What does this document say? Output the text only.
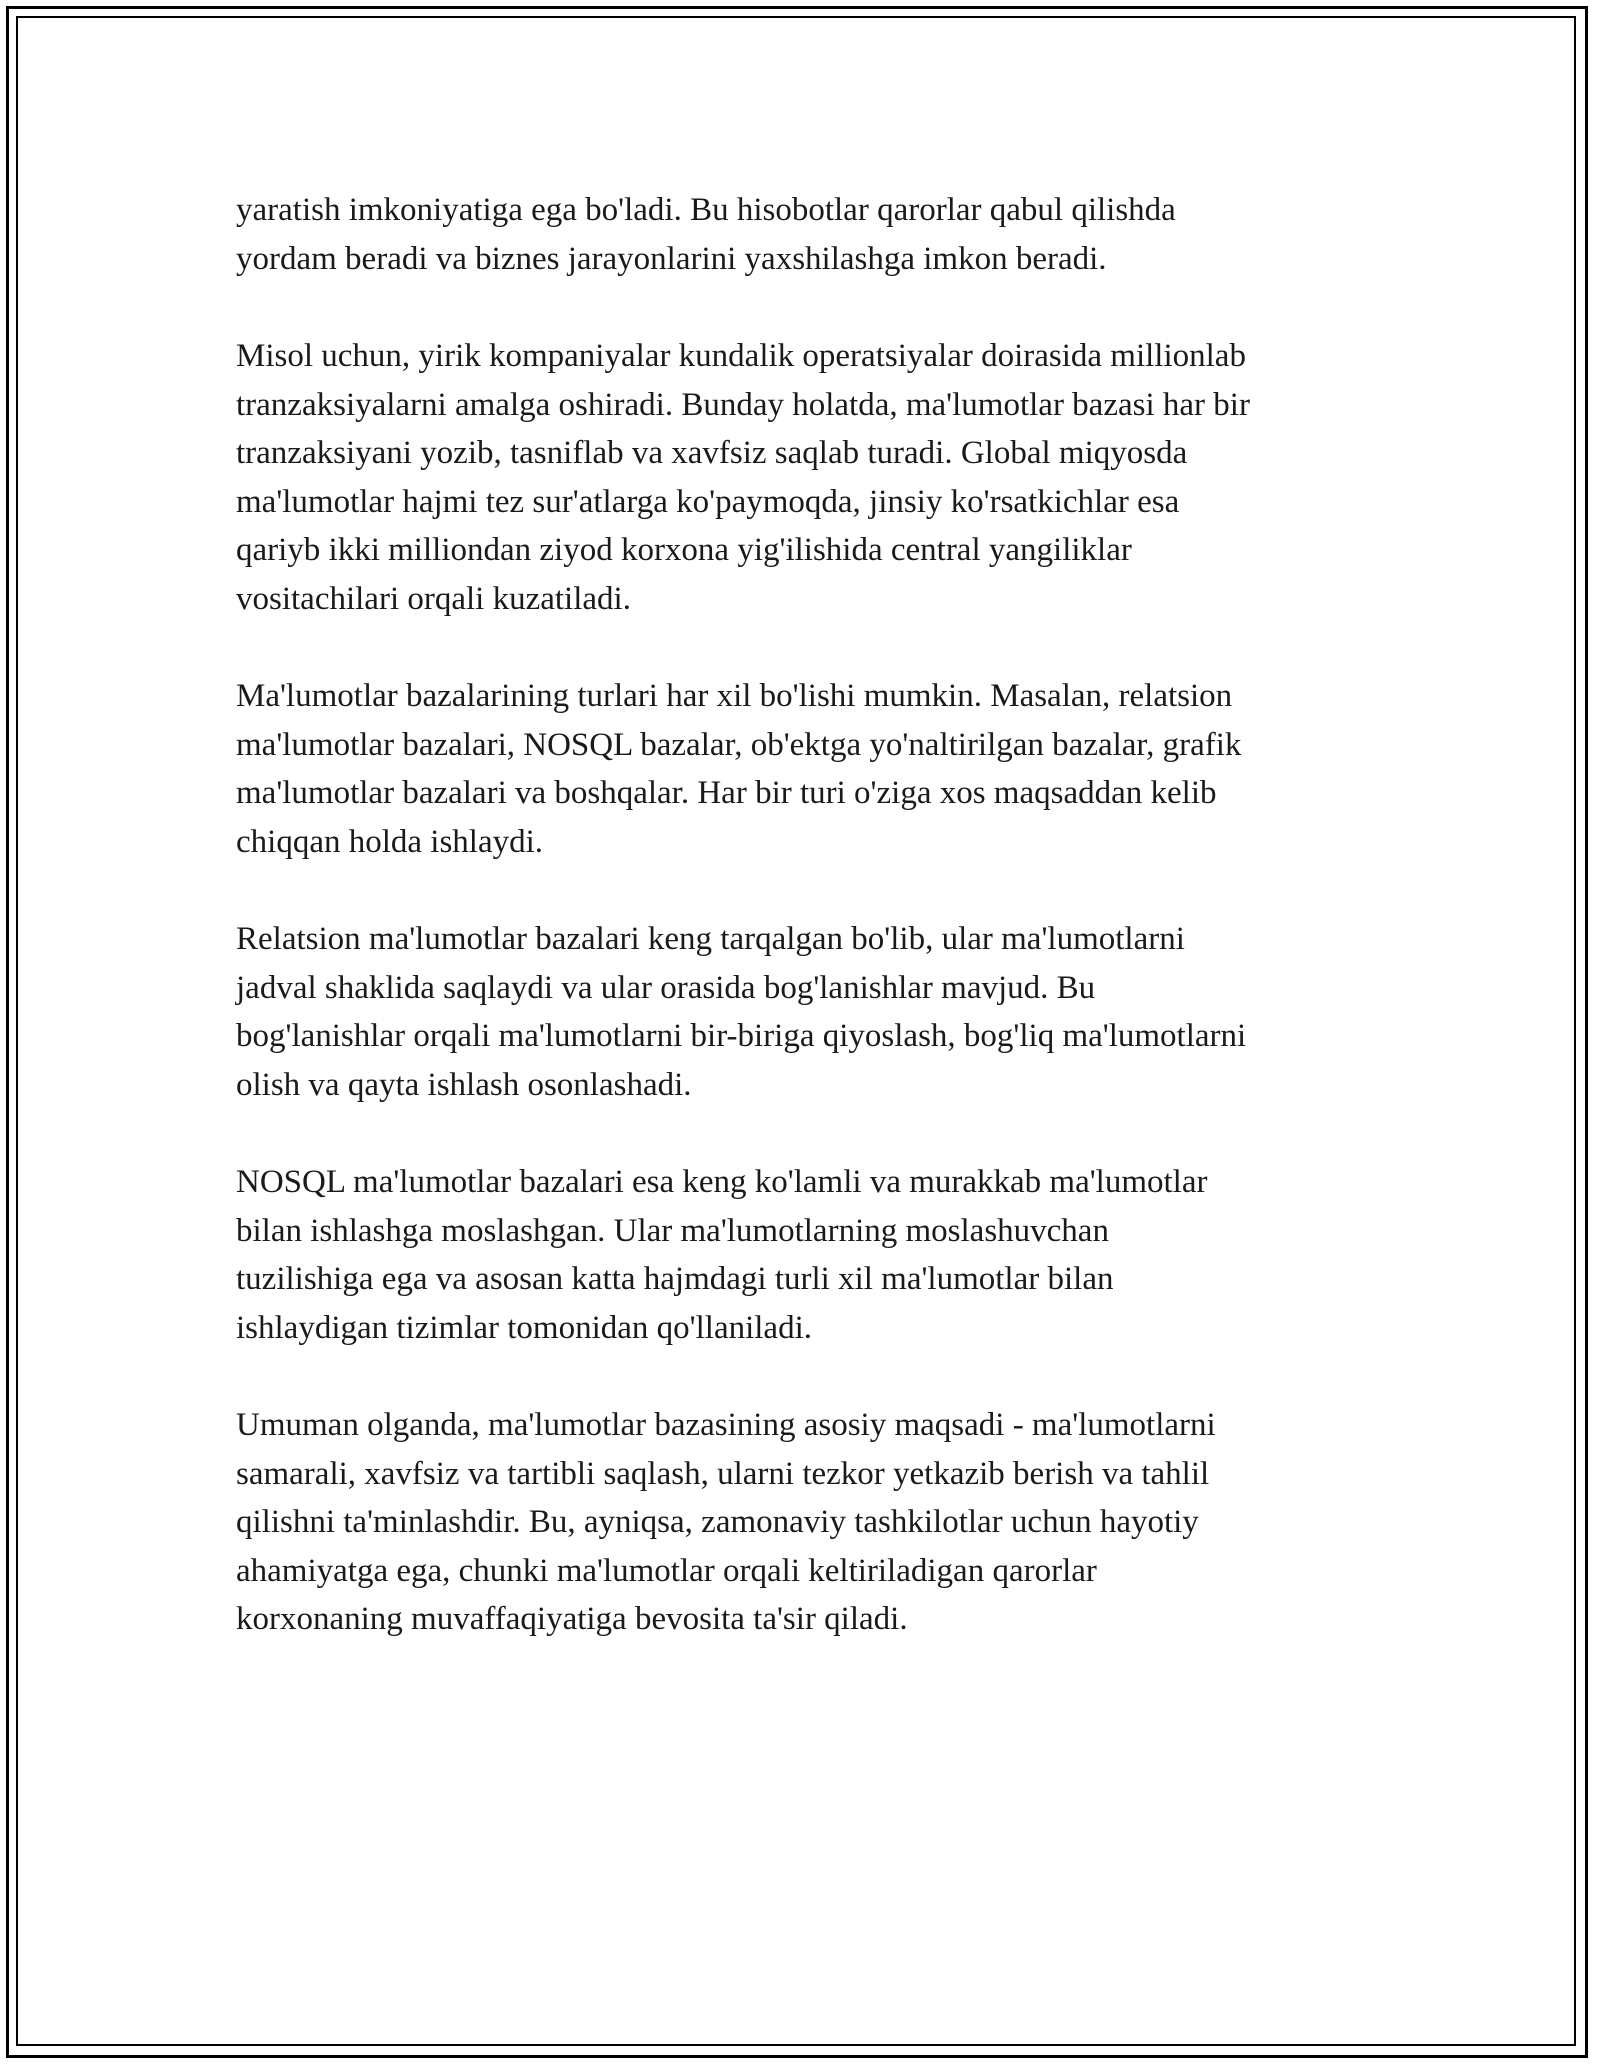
yaratish imkoniyatiga ega bo'ladi. Bu hisobotlar qarorlar qabul qilishda
yordam beradi va biznes jarayonlarini yaxshilashga imkon beradi.

Misol uchun, yirik kompaniyalar kundalik operatsiyalar doirasida millionlab
tranzaksiyalarni amalga oshiradi. Bunday holatda, ma'lumotlar bazasi har bir
tranzaksiyani yozib, tasniflab va xavfsiz saqlab turadi. Global miqyosda
ma'lumotlar hajmi tez sur'atlarga ko'paymoqda, jinsiy ko'rsatkichlar esa
qariyb ikki milliondan ziyod korxona yig'ilishida central yangiliklar
vositachilari orqali kuzatiladi.

Ma'lumotlar bazalarining turlari har xil bo'lishi mumkin. Masalan, relatsion
ma'lumotlar bazalari, NOSQL bazalar, ob'ektga yo'naltirilgan bazalar, grafik
ma'lumotlar bazalari va boshqalar. Har bir turi o'ziga xos maqsaddan kelib
chiqqan holda ishlaydi.

Relatsion ma'lumotlar bazalari keng tarqalgan bo'lib, ular ma'lumotlarni
jadval shaklida saqlaydi va ular orasida bog'lanishlar mavjud. Bu
bog'lanishlar orqali ma'lumotlarni bir-biriga qiyoslash, bog'liq ma'lumotlarni
olish va qayta ishlash osonlashadi.

NOSQL ma'lumotlar bazalari esa keng ko'lamli va murakkab ma'lumotlar
bilan ishlashga moslashgan. Ular ma'lumotlarning moslashuvchan
tuzilishiga ega va asosan katta hajmdagi turli xil ma'lumotlar bilan
ishlaydigan tizimlar tomonidan qo'llaniladi.

Umuman olganda, ma'lumotlar bazasining asosiy maqsadi - ma'lumotlarni
samarali, xavfsiz va tartibli saqlash, ularni tezkor yetkazib berish va tahlil
qilishni ta'minlashdir. Bu, ayniqsa, zamonaviy tashkilotlar uchun hayotiy
ahamiyatga ega, chunki ma'lumotlar orqali keltiriladigan qarorlar
korxonaning muvaffaqiyatiga bevosita ta'sir qiladi.
